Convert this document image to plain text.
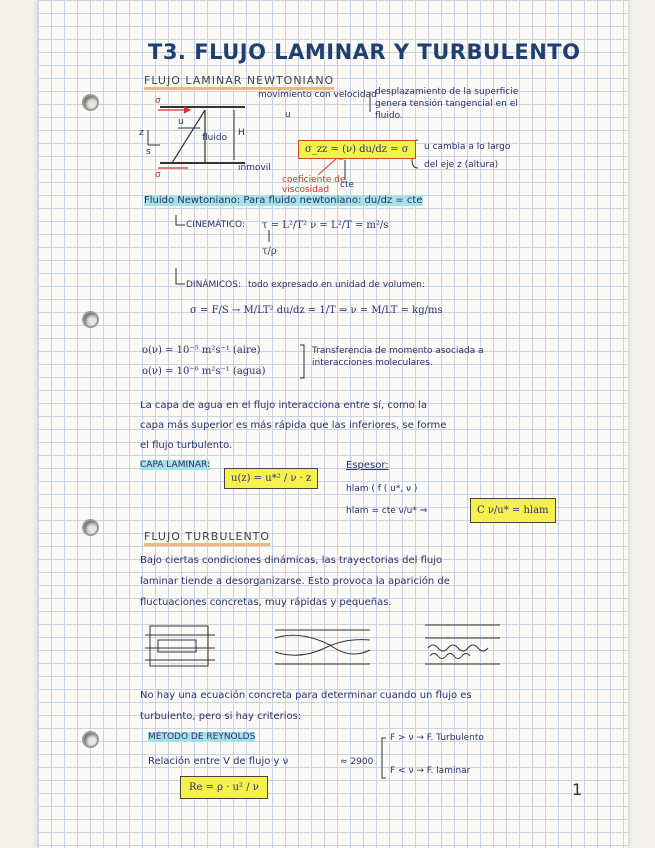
T3. FLUJO LAMINAR Y TURBULENTO
FLUJO LAMINAR NEWTONIANO
σ
σ
movimiento con velocidad
u
fluido H
inmovil
z
s
u
desplazamiento de la superficie genera tensión tangencial en el fluido.
σ_zz = (ν) du/dz = σ
coeficiente de viscosidad	cte
u cambia a lo largo
del eje z (altura)
Fluido Newtoniano: Para fluido newtoniano: du/dz = cte
CINEMÁTICO: τ = L²/T² ν = L²/T = m²/s
τ/ρ
DINÁMICOS: todo expresado en unidad de volumen:
σ = F/S → M/LT² du/dz = 1/T ⇒ ν = M/LT = kg/ms
o(ν) = 10⁻⁵ m²s⁻¹ (aire)
o(ν) = 10⁻⁶ m²s⁻¹ (agua)
Transferencia de momento asociada a interacciones moleculares.
La capa de agua en el flujo interacciona entre sí, como la
capa más superior es más rápida que las inferiores, se forme
el flujo turbulento.
CAPA LAMINAR:
u(z) = u*² / ν · z
Espesor:
hlam ( f ( u*, ν )
hlam = cte ν/u* ⇒	C ν/u* = hlam
FLUJO TURBULENTO
Bajo ciertas condiciones dinámicas, las trayectorias del flujo
laminar tiende a desorganizarse. Esto provoca la aparición de
fluctuaciones concretas, muy rápidas y pequeñas.
No hay una ecuación concreta para determinar cuando un flujo es
turbulento, pero si hay criterios:
MÉTODO DE REYNOLDS
Relación entre V de flujo y ν	≈ 2900
F > ν → F. Turbulento
F < ν → F. laminar
Re = ρ · u² / ν	1
